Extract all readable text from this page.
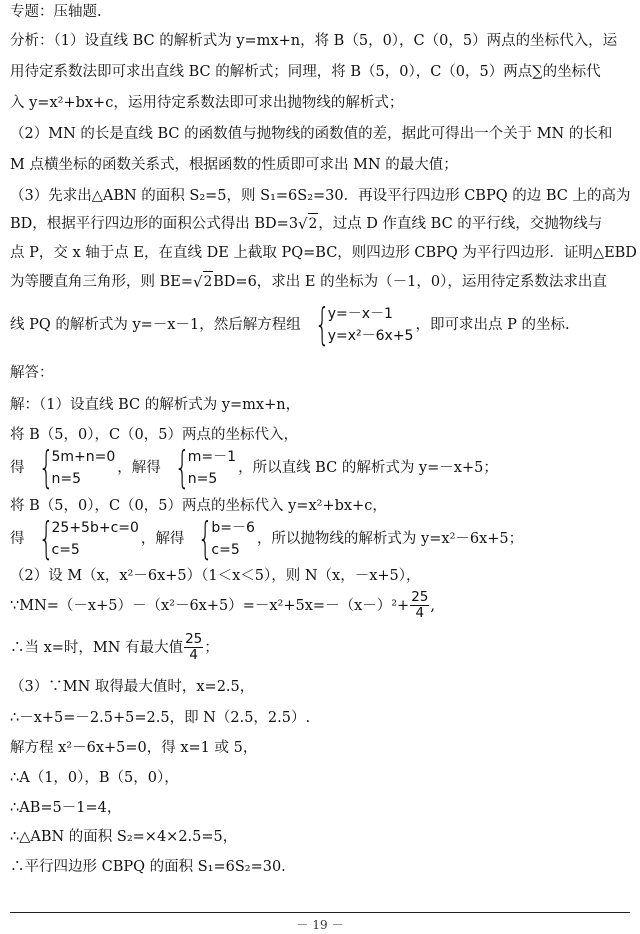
专题：压轴题.
分析：（1）设直线 BC 的解析式为 y=mx+n，将 B（5，0），C（0，5）两点的坐标代入，运
用待定系数法即可求出直线 BC 的解析式；同理，将 B（5，0），C（0，5）两点∑的坐标代
入 y=x²+bx+c，运用待定系数法即可求出抛物线的解析式；
（2）MN 的长是直线 BC 的函数值与抛物线的函数值的差，据此可得出一个关于 MN 的长和
M 点横坐标的函数关系式，根据函数的性质即可求出 MN 的最大值；
（3）先求出△ABN 的面积 S₂=5，则 S₁=6S₂=30．再设平行四边形 CBPQ 的边 BC 上的高为
BD，根据平行四边形的面积公式得出 BD=3 √ 2 ，过点 D 作直线 BC 的平行线，交抛物线与
点 P，交 x 轴于点 E，在直线 DE 上截取 PQ=BC，则四边形 CBPQ 为平行四边形．证明△EBD
为等腰直角三角形，则 BE= √ 2 BD=6，求出 E 的坐标为（－1，0），运用待定系数法求出直
线 PQ 的解析式为 y=－x－1，然后解方程组 {
y=－x－1
y=x²－6x+5
，即可求出点 P 的坐标.
解答：
解：（1）设直线 BC 的解析式为 y=mx+n，
将 B（5，0），C（0，5）两点的坐标代入，
得 {
5m+n=0
n=5
，解得 {
m=－1
n=5
，所以直线 BC 的解析式为 y=－x+5；
将 B（5，0），C（0，5）两点的坐标代入 y=x²+bx+c，
得 {
25+5b+c=0
c=5
，解得 {
b=－6
c=5
，所以抛物线的解析式为 y=x²－6x+5；
（2）设 M（x，x²－6x+5）（1＜x＜5），则 N（x，－x+5），
∵MN=（－x+5）－（x²－6x+5）=－x²+5x=－（x－）²+ $\frac{25}{4}$ ,
∴当 x=时，MN 有最大值 $\frac{25}{4}$ ；
（3）∵MN 取得最大值时，x=2.5，
∴－x+5=－2.5+5=2.5，即 N（2.5，2.5）.
解方程 x²－6x+5=0，得 x=1 或 5，
∴A（1，0），B（5，0），
∴AB=5－1=4，
∴△ABN 的面积 S₂=×4×2.5=5，
∴平行四边形 CBPQ 的面积 S₁=6S₂=30.
－ 19 －
